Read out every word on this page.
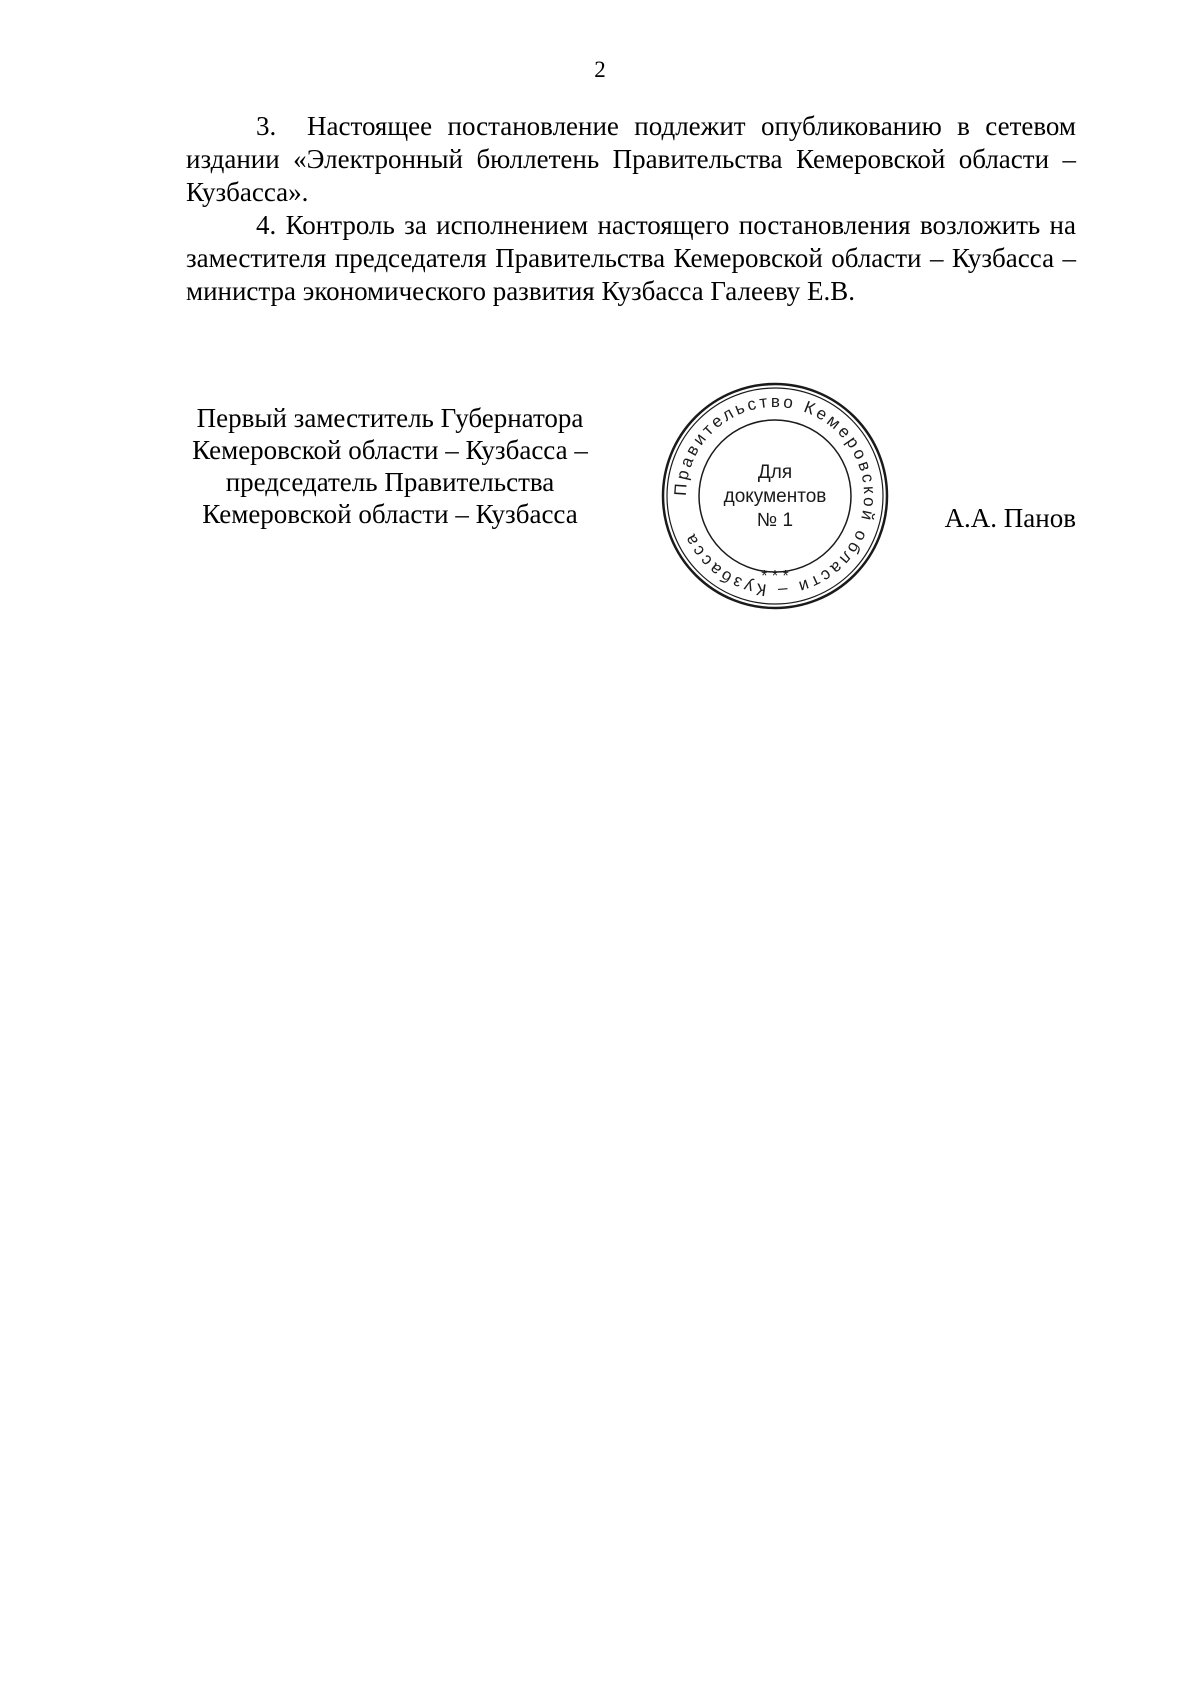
2

3.  Настоящее постановление подлежит опубликованию в сетевом издании «Электронный бюллетень Правительства Кемеровской области – Кузбасса».

4. Контроль за исполнением настоящего постановления возложить на заместителя председателя Правительства Кемеровской области – Кузбасса – министра экономического развития Кузбасса Галееву Е.В.

Первый заместитель Губернатора
Кемеровской области – Кузбасса –
председатель Правительства
Кемеровской области – Кузбасса
Правительство Кемеровской области – Кузбасса
Для
документов
№ 1
* * *
А.А. Панов
